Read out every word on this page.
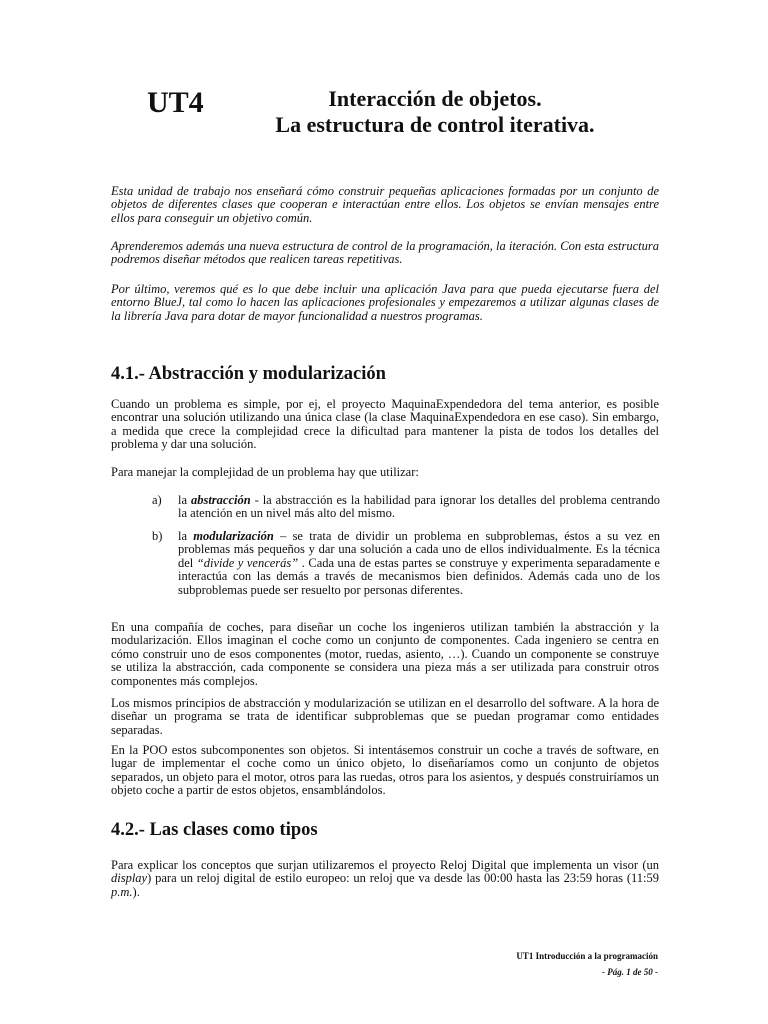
UT4	Interacción de objetos.
La estructura de control iterativa.

Esta unidad de trabajo nos enseñará cómo construir pequeñas aplicaciones formadas por un conjunto de objetos de diferentes clases que cooperan e interactúan entre ellos. Los objetos se envían mensajes entre ellos para conseguir un objetivo común.

Aprenderemos además una nueva estructura de control de la programación, la iteración. Con esta estructura podremos diseñar métodos que realicen tareas repetitivas.

Por último, veremos qué es lo que debe incluir una aplicación Java para que pueda ejecutarse fuera del entorno BlueJ, tal como lo hacen las aplicaciones profesionales y empezaremos a utilizar algunas clases de la librería Java para dotar de mayor funcionalidad a nuestros programas.

4.1.- Abstracción y modularización

Cuando un problema es simple, por ej, el proyecto MaquinaExpendedora del tema anterior, es posible encontrar una solución utilizando una única clase (la clase MaquinaExpendedora en ese caso). Sin embargo, a medida que crece la complejidad crece la dificultad para mantener la pista de todos los detalles del problema y dar una solución.

Para manejar la complejidad de un problema hay que utilizar:

a) la abstracción - la abstracción es la habilidad para ignorar los detalles del problema centrando la atención en un nivel más alto del mismo.
b) la modularización – se trata de dividir un problema en subproblemas, éstos a su vez en problemas más pequeños y dar una solución a cada uno de ellos individualmente. Es la técnica del “divide y vencerás” . Cada una de estas partes se construye y experimenta separadamente e interactúa con las demás a través de mecanismos bien definidos. Además cada uno de los subproblemas puede ser resuelto por personas diferentes.

En una compañía de coches, para diseñar un coche los ingenieros utilizan también la abstracción y la modularización. Ellos imaginan el coche como un conjunto de componentes. Cada ingeniero se centra en cómo construir uno de esos componentes (motor, ruedas, asiento, …). Cuando un componente se construye se utiliza la abstracción, cada componente se considera una pieza más a ser utilizada para construir otros componentes más complejos.

Los mismos principios de abstracción y modularización se utilizan en el desarrollo del software. A la hora de diseñar un programa se trata de identificar subproblemas que se puedan programar como entidades separadas.

En la POO estos subcomponentes son objetos. Si intentásemos construir un coche a través de software, en lugar de implementar el coche como un único objeto, lo diseñaríamos como un conjunto de objetos separados, un objeto para el motor, otros para las ruedas, otros para los asientos, y después construiríamos un objeto coche a partir de estos objetos, ensamblándolos.

4.2.- Las clases como tipos

Para explicar los conceptos que surjan utilizaremos el proyecto Reloj Digital que implementa un visor (un display) para un reloj digital de estilo europeo: un reloj que va desde las 00:00 hasta las 23:59 horas (11:59 p.m.).

UT1 Introducción a la programación
- Pág. 1 de 50 -
